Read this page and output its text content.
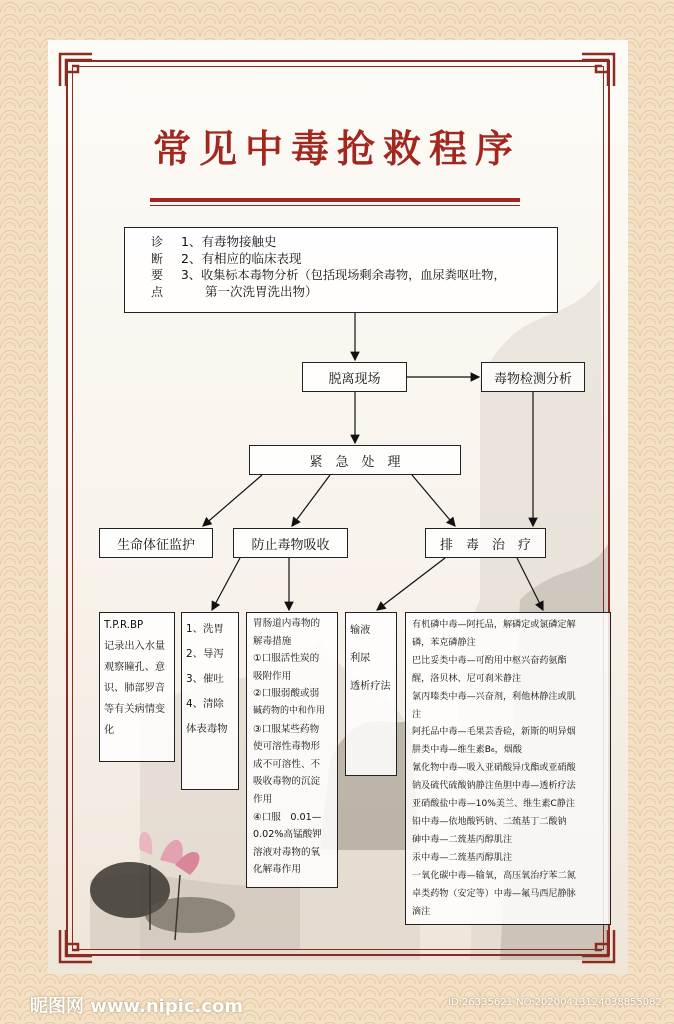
常见中毒抢救程序
诊
断
要
点
1、有毒物接触史
2、有相应的临床表现
3、收集标本毒物分析（包括现场剩余毒物，血尿粪呕吐物，
第一次洗胃洗出物）
脱离现场	毒物检测分析
紧　急　处　理
生命体征监护	防止毒物吸收	排　毒　治　疗
T.P.R.BP
记录出入水量
观察瞳孔、意
识、肺部罗音
等有关病情变
化
1、洗胃
2、导泻
3、催吐
4、清除
体表毒物
胃肠道内毒物的
解毒措施
①口服活性炭的
吸附作用
②口服弱酸或弱
碱药物的中和作用
③口服某些药物
使可溶性毒物形
成不可溶性、不
吸收毒物的沉淀
作用
④口服　0.01—
0.02%高锰酸钾
溶液对毒物的氧
化解毒作用
输液
利尿
透析疗法
有机磷中毒—阿托品，解磷定或氯磷定解
磷，苯克磷静注
巴比妥类中毒—可酌用中枢兴奋药氨酯
醒，洛贝林、尼可刹米静注
氯丙嗪类中毒—兴奋剂，利他林静注或肌
注
阿托品中毒—毛果芸香硷，新斯的明异烟
肼类中毒—维生素B₆，烟酸
氰化物中毒—吸入亚硝酸异戊酯或亚硝酸
钠及硫代硫酸钠静注鱼胆中毒—透析疗法
亚硝酸盐中毒—10%美兰、维生素C静注
铅中毒—依地酸钙钠、二巯基丁二酸钠
砷中毒—二巯基丙醇肌注
汞中毒—二巯基丙醇肌注
一氧化碳中毒—输氧，高压氧治疗苯二氮
卓类药物（安定等）中毒—氟马西尼静脉
滴注
昵图网 www.nipic.com	ID:26335621 NO:20200413124038855082
